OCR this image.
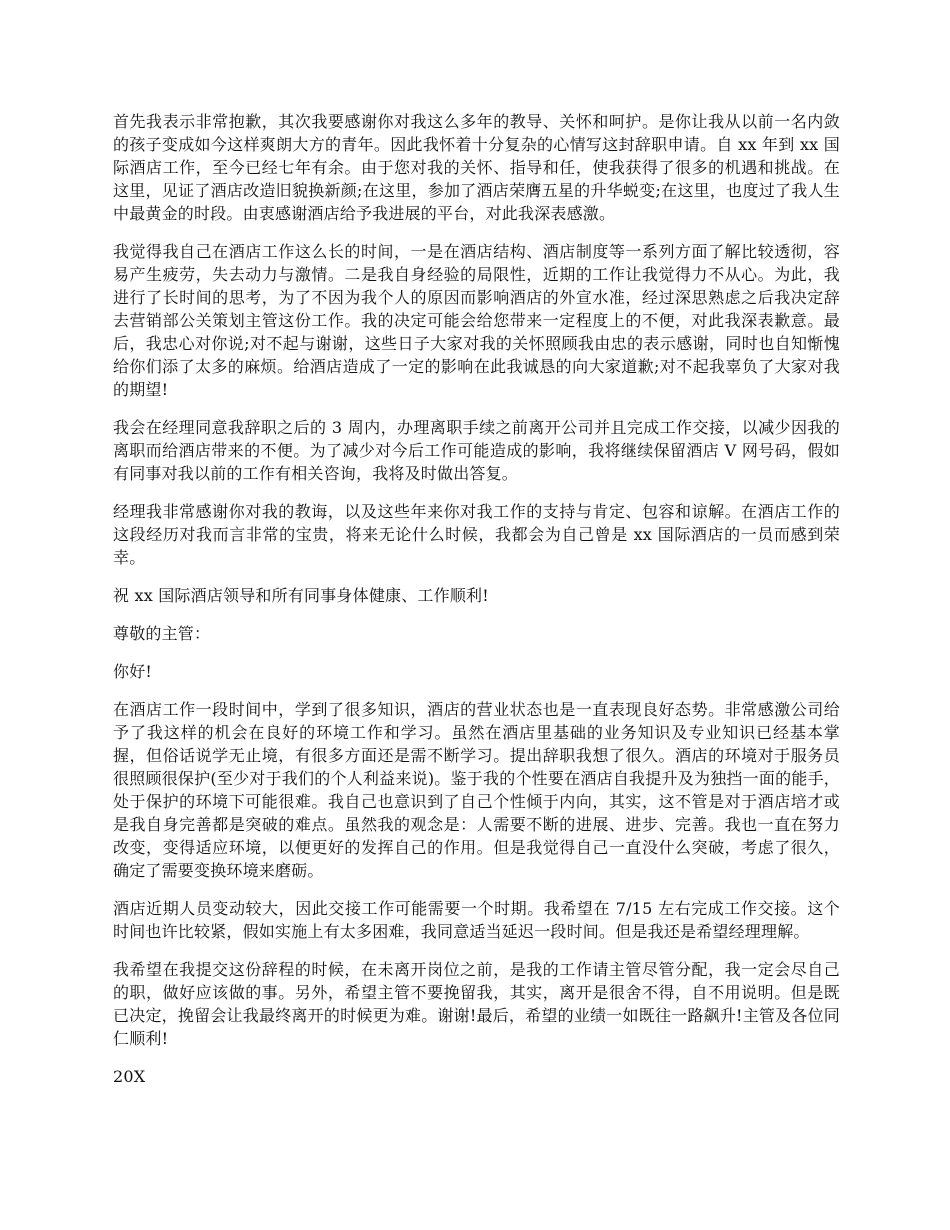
首先我表示非常抱歉，其次我要感谢你对我这么多年的教导、关怀和呵护。是你让我从以前一名内敛的孩子变成如今这样爽朗大方的青年。因此我怀着十分复杂的心情写这封辞职申请。自 xx 年到 xx 国际酒店工作，至今已经七年有余。由于您对我的关怀、指导和任，使我获得了很多的机遇和挑战。在这里，见证了酒店改造旧貌换新颜;在这里，参加了酒店荣膺五星的升华蜕变;在这里，也度过了我人生中最黄金的时段。由衷感谢酒店给予我进展的平台，对此我深表感激。

我觉得我自己在酒店工作这么长的时间，一是在酒店结构、酒店制度等一系列方面了解比较透彻，容易产生疲劳，失去动力与激情。二是我自身经验的局限性，近期的工作让我觉得力不从心。为此，我进行了长时间的思考，为了不因为我个人的原因而影响酒店的外宣水准，经过深思熟虑之后我决定辞去营销部公关策划主管这份工作。我的决定可能会给您带来一定程度上的不便，对此我深表歉意。最后，我忠心对你说;对不起与谢谢，这些日子大家对我的关怀照顾我由忠的表示感谢，同时也自知惭愧给你们添了太多的麻烦。给酒店造成了一定的影响在此我诚恳的向大家道歉;对不起我辜负了大家对我的期望!

我会在经理同意我辞职之后的 3 周内，办理离职手续之前离开公司并且完成工作交接，以减少因我的离职而给酒店带来的不便。为了减少对今后工作可能造成的影响，我将继续保留酒店 V 网号码，假如有同事对我以前的工作有相关咨询，我将及时做出答复。

经理我非常感谢你对我的教诲，以及这些年来你对我工作的支持与肯定、包容和谅解。在酒店工作的这段经历对我而言非常的宝贵，将来无论什么时候，我都会为自己曾是 xx 国际酒店的一员而感到荣幸。

祝 xx 国际酒店领导和所有同事身体健康、工作顺利!

尊敬的主管：

你好!

在酒店工作一段时间中，学到了很多知识，酒店的营业状态也是一直表现良好态势。非常感激公司给予了我这样的机会在良好的环境工作和学习。虽然在酒店里基础的业务知识及专业知识已经基本掌握，但俗话说学无止境，有很多方面还是需不断学习。提出辞职我想了很久。酒店的环境对于服务员很照顾很保护(至少对于我们的个人利益来说)。鉴于我的个性要在酒店自我提升及为独挡一面的能手，处于保护的环境下可能很难。我自己也意识到了自己个性倾于内向，其实，这不管是对于酒店培才或是我自身完善都是突破的难点。虽然我的观念是：人需要不断的进展、进步、完善。我也一直在努力改变，变得适应环境，以便更好的发挥自己的作用。但是我觉得自己一直没什么突破，考虑了很久，确定了需要变换环境来磨砺。

酒店近期人员变动较大，因此交接工作可能需要一个时期。我希望在 7/15 左右完成工作交接。这个时间也许比较紧，假如实施上有太多困难，我同意适当延迟一段时间。但是我还是希望经理理解。

我希望在我提交这份辞程的时候，在未离开岗位之前，是我的工作请主管尽管分配，我一定会尽自己的职，做好应该做的事。另外，希望主管不要挽留我，其实，离开是很舍不得，自不用说明。但是既已决定，挽留会让我最终离开的时候更为难。谢谢!最后，希望的业绩一如既往一路飙升!主管及各位同仁顺利!

20X
